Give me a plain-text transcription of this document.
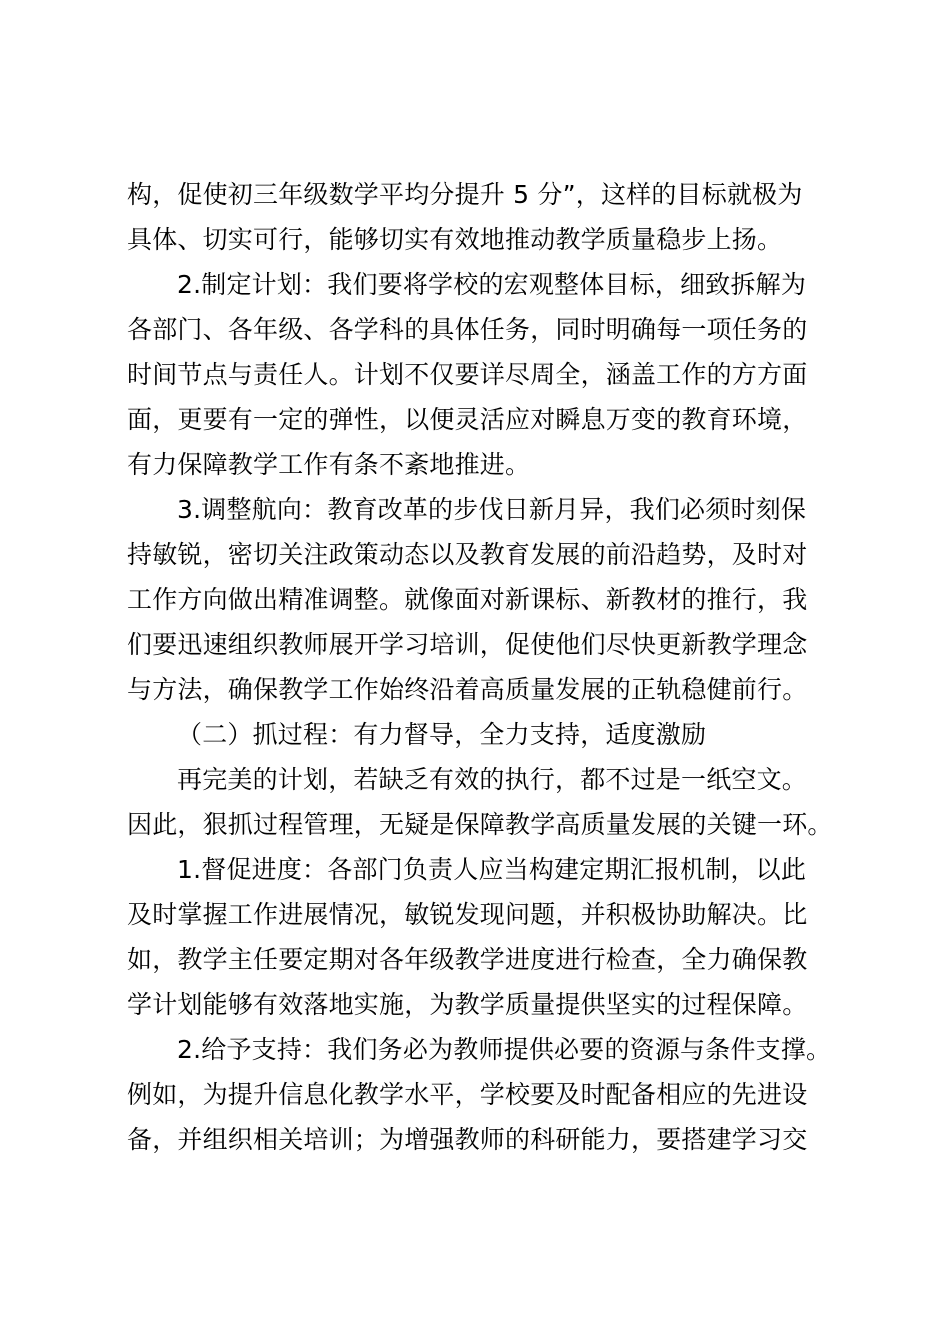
构，促使初三年级数学平均分提升 5 分”，这样的目标就极为
具体、切实可行，能够切实有效地推动教学质量稳步上扬。
2.制定计划：我们要将学校的宏观整体目标，细致拆解为
各部门、各年级、各学科的具体任务，同时明确每一项任务的
时间节点与责任人。计划不仅要详尽周全，涵盖工作的方方面
面，更要有一定的弹性，以便灵活应对瞬息万变的教育环境，
有力保障教学工作有条不紊地推进。
3.调整航向：教育改革的步伐日新月异，我们必须时刻保
持敏锐，密切关注政策动态以及教育发展的前沿趋势，及时对
工作方向做出精准调整。就像面对新课标、新教材的推行，我
们要迅速组织教师展开学习培训，促使他们尽快更新教学理念
与方法，确保教学工作始终沿着高质量发展的正轨稳健前行。
（二）抓过程：有力督导，全力支持，适度激励
再完美的计划，若缺乏有效的执行，都不过是一纸空文。
因此，狠抓过程管理，无疑是保障教学高质量发展的关键一环。
1.督促进度：各部门负责人应当构建定期汇报机制，以此
及时掌握工作进展情况，敏锐发现问题，并积极协助解决。比
如，教学主任要定期对各年级教学进度进行检查，全力确保教
学计划能够有效落地实施，为教学质量提供坚实的过程保障。
2.给予支持：我们务必为教师提供必要的资源与条件支撑。
例如，为提升信息化教学水平，学校要及时配备相应的先进设
备，并组织相关培训；为增强教师的科研能力，要搭建学习交
